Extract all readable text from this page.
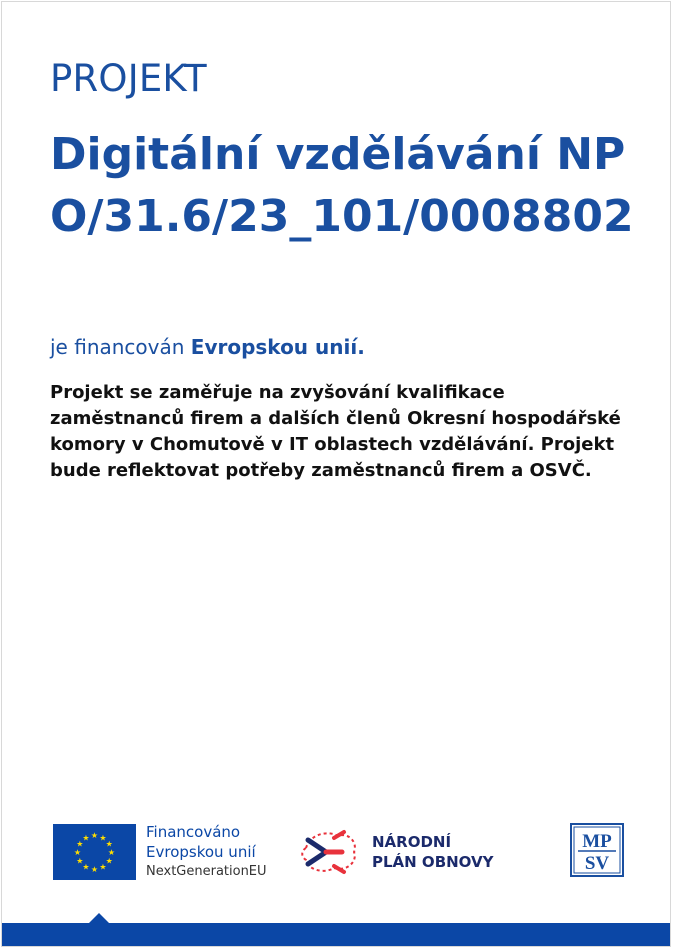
PROJEKT
Digitální vzdělávání NPO/31.6/23_101/0008802
je financován Evropskou unií.

Projekt se zaměřuje na zvyšování kvalifikace zaměstnanců firem a dalších členů Okresní hospodářské komory v Chomutově v IT oblastech vzdělávání. Projekt bude reflektovat potřeby zaměstnanců firem a OSVČ.

★ ★
★
★
★
★
★
★
★
★
★
★	Financováno
Evropskou unií
NextGenerationEU
NÁRODNÍ
PLÁN OBNOVY
MP
SV
